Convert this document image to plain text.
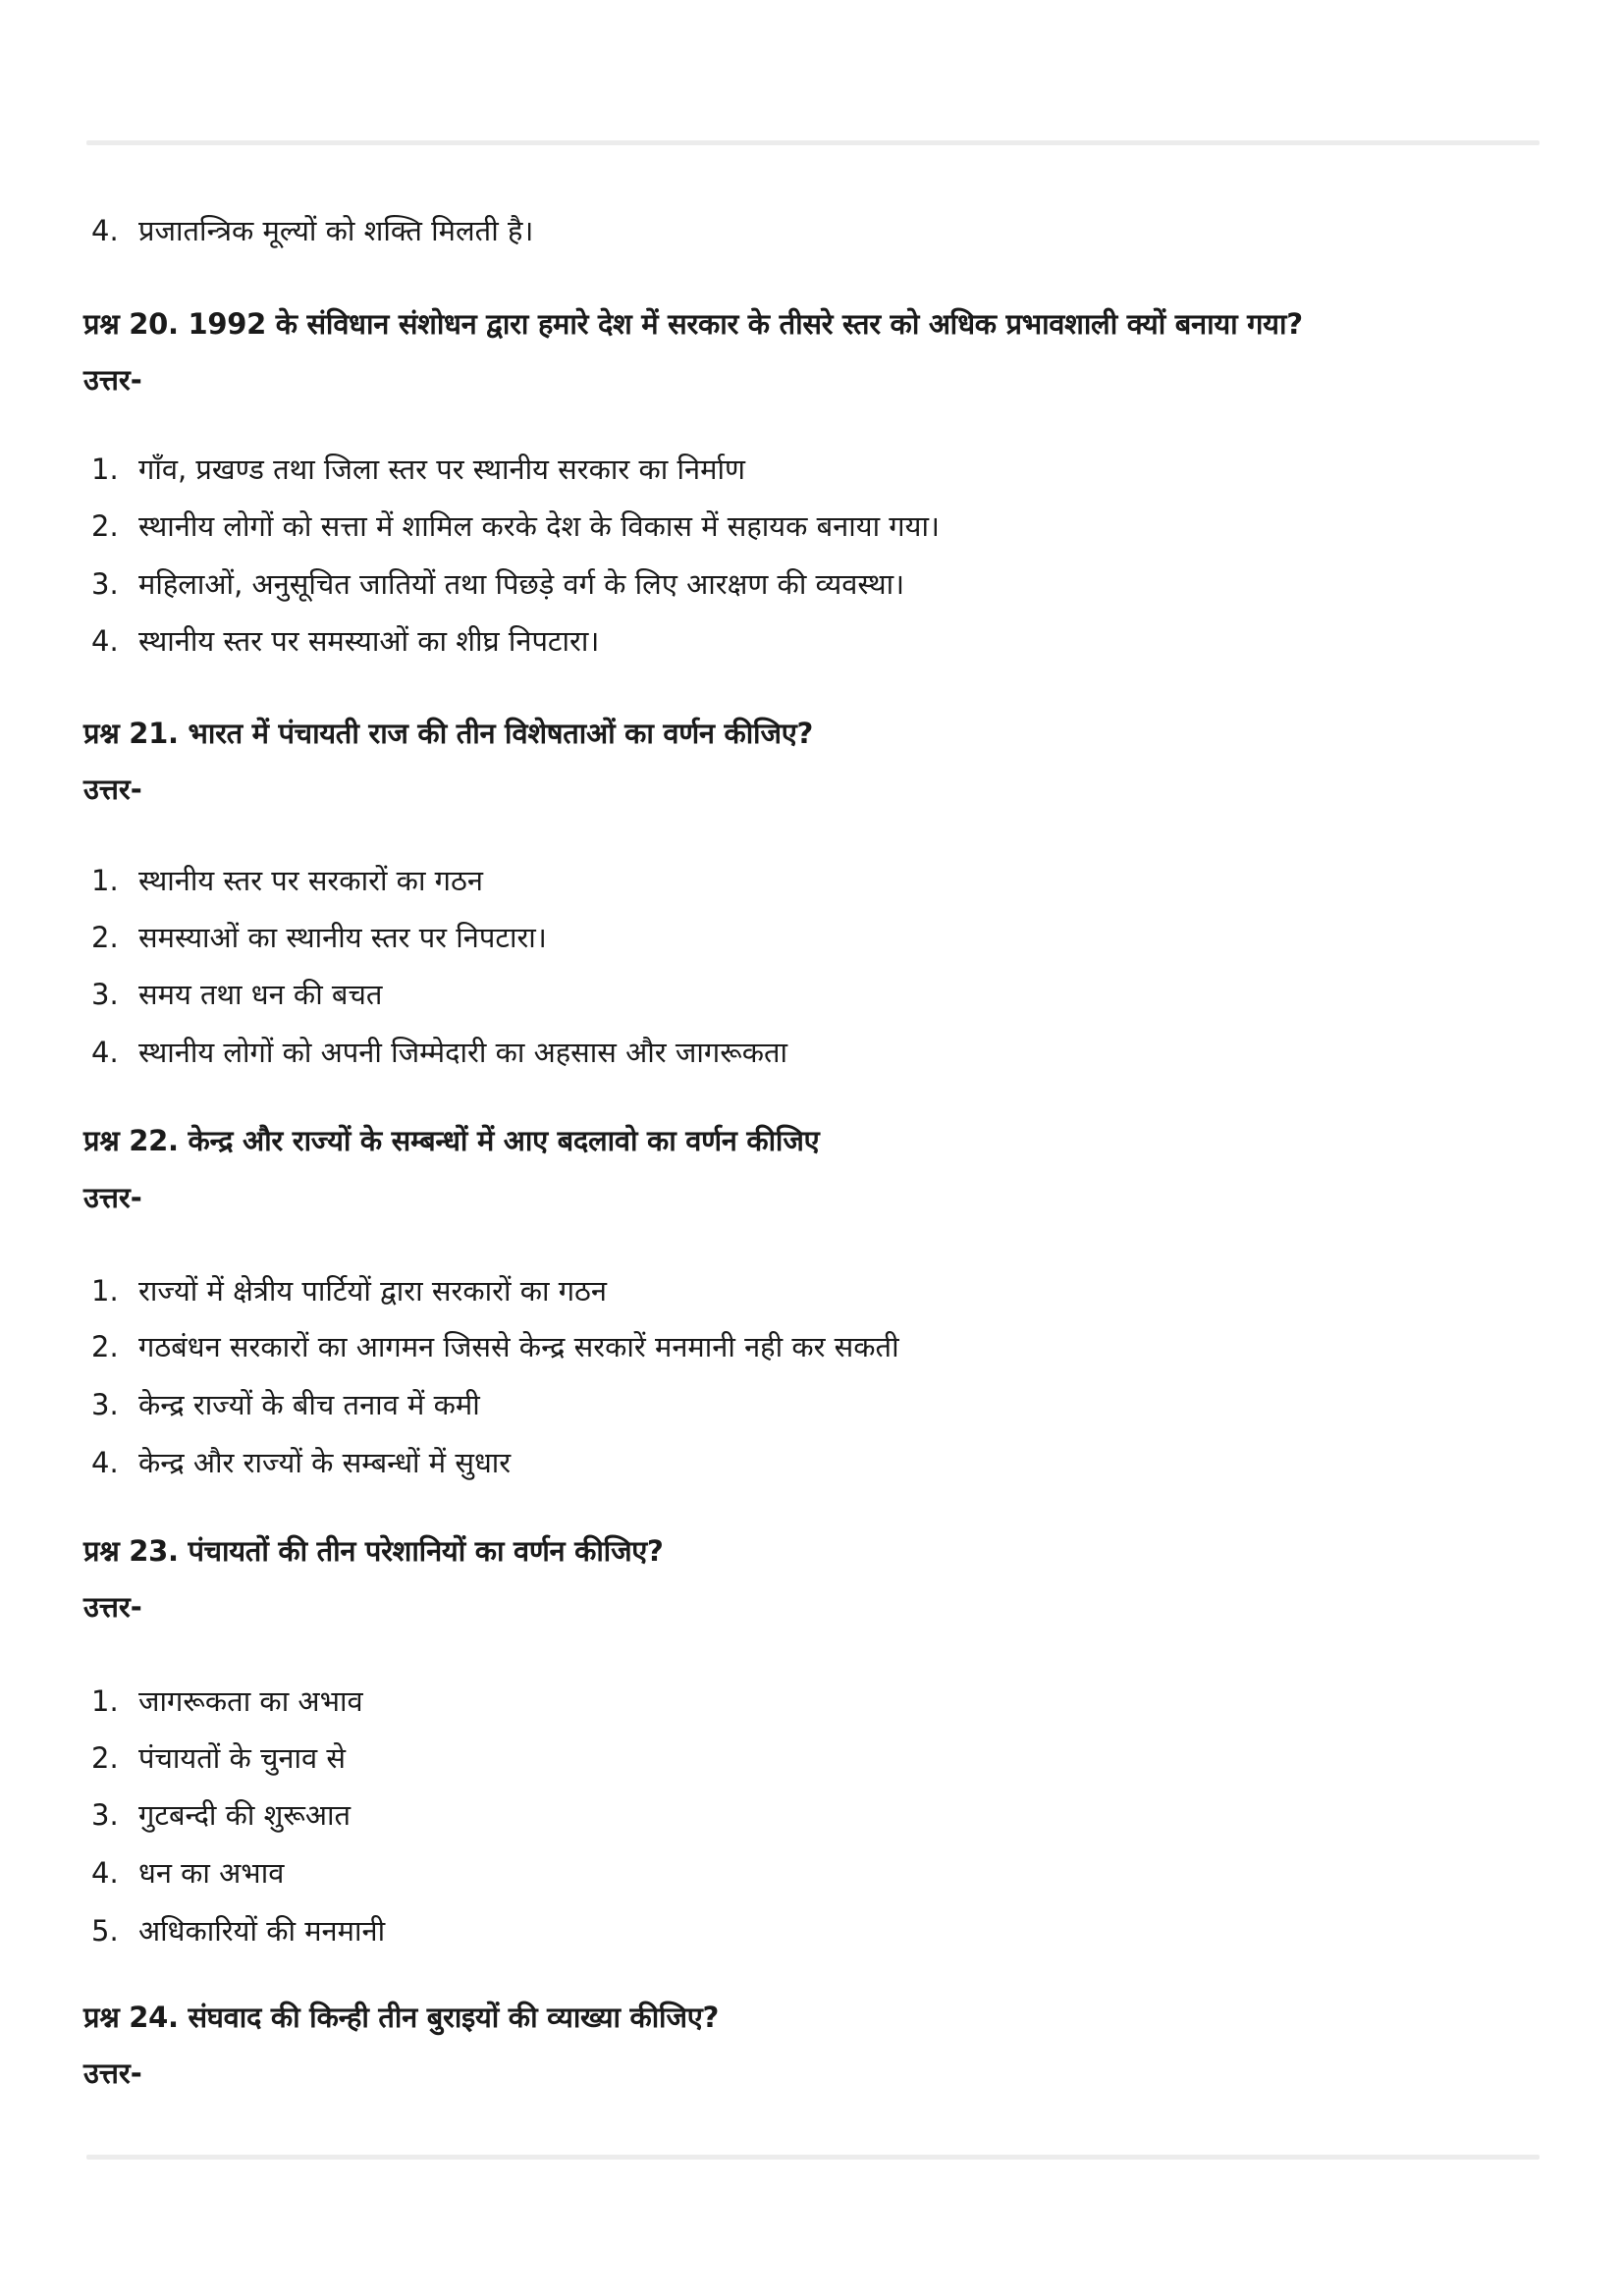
4. प्रजातन्त्रिक मूल्यों को शक्ति मिलती है।
प्रश्न 20. 1992 के संविधान संशोधन द्वारा हमारे देश में सरकार के तीसरे स्तर को अधिक प्रभावशाली क्यों बनाया गया?
उत्तर-
1. गाँव, प्रखण्ड तथा जिला स्तर पर स्थानीय सरकार का निर्माण
2. स्थानीय लोगों को सत्ता में शामिल करके देश के विकास में सहायक बनाया गया।
3. महिलाओं, अनुसूचित जातियों तथा पिछड़े वर्ग के लिए आरक्षण की व्यवस्था।
4. स्थानीय स्तर पर समस्याओं का शीघ्र निपटारा।
प्रश्न 21. भारत में पंचायती राज की तीन विशेषताओं का वर्णन कीजिए?
उत्तर-
1. स्थानीय स्तर पर सरकारों का गठन
2. समस्याओं का स्थानीय स्तर पर निपटारा।
3. समय तथा धन की बचत
4. स्थानीय लोगों को अपनी जिम्मेदारी का अहसास और जागरूकता
प्रश्न 22. केन्द्र और राज्यों के सम्बन्धों में आए बदलावो का वर्णन कीजिए
उत्तर-
1. राज्यों में क्षेत्रीय पार्टियों द्वारा सरकारों का गठन
2. गठबंधन सरकारों का आगमन जिससे केन्द्र सरकारें मनमानी नही कर सकती
3. केन्द्र राज्यों के बीच तनाव में कमी
4. केन्द्र और राज्यों के सम्बन्धों में सुधार
प्रश्न 23. पंचायतों की तीन परेशानियों का वर्णन कीजिए?
उत्तर-
1. जागरूकता का अभाव
2. पंचायतों के चुनाव से
3. गुटबन्दी की शुरूआत
4. धन का अभाव
5. अधिकारियों की मनमानी
प्रश्न 24. संघवाद की किन्ही तीन बुराइयों की व्याख्या कीजिए?
उत्तर-
